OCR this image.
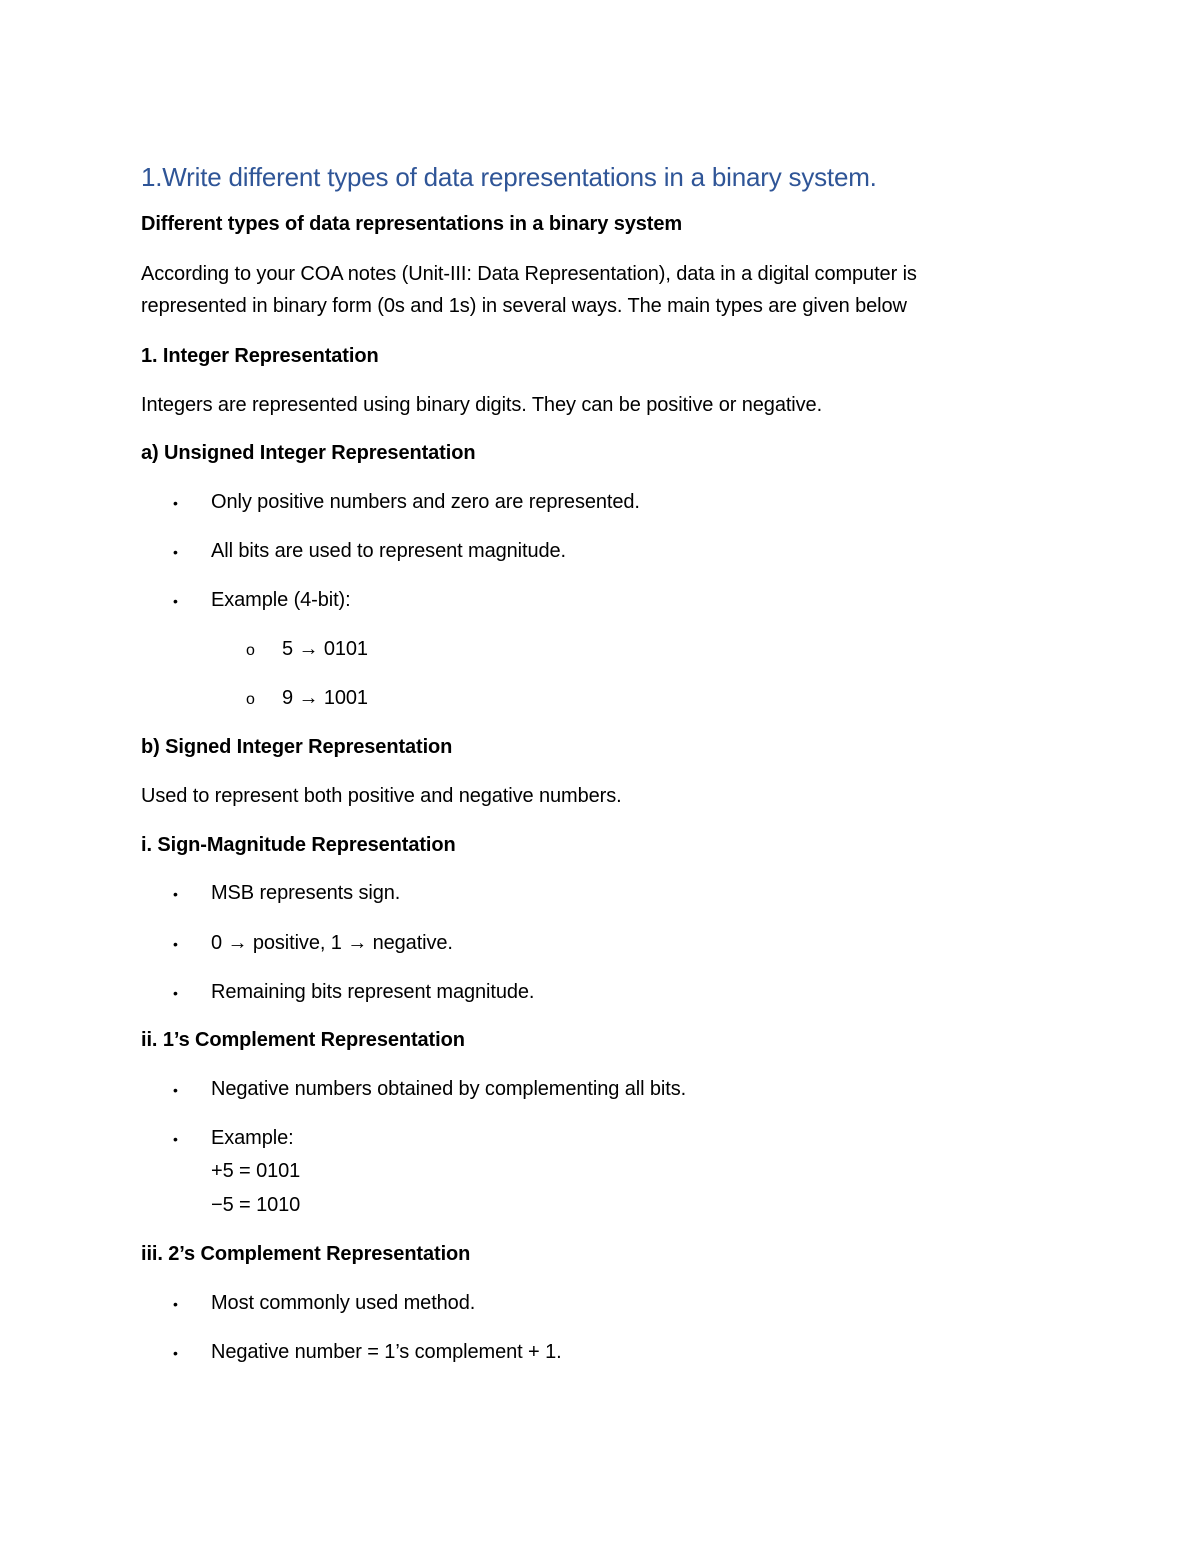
1.Write different types of data representations in a binary system.
Different types of data representations in a binary system
According to your COA notes (Unit-III: Data Representation), data in a digital computer is
represented in binary form (0s and 1s) in several ways. The main types are given below
1. Integer Representation
Integers are represented using binary digits. They can be positive or negative.
a) Unsigned Integer Representation
• Only positive numbers and zero are represented.
• All bits are used to represent magnitude.
• Example (4-bit):
o 5 → 0101
o 9 → 1001
b) Signed Integer Representation
Used to represent both positive and negative numbers.
i. Sign-Magnitude Representation
• MSB represents sign.
• 0 → positive, 1 → negative.
• Remaining bits represent magnitude.
ii. 1’s Complement Representation
• Negative numbers obtained by complementing all bits.
• Example:
+5 = 0101
−5 = 1010
iii. 2’s Complement Representation
• Most commonly used method.
• Negative number = 1’s complement + 1.
